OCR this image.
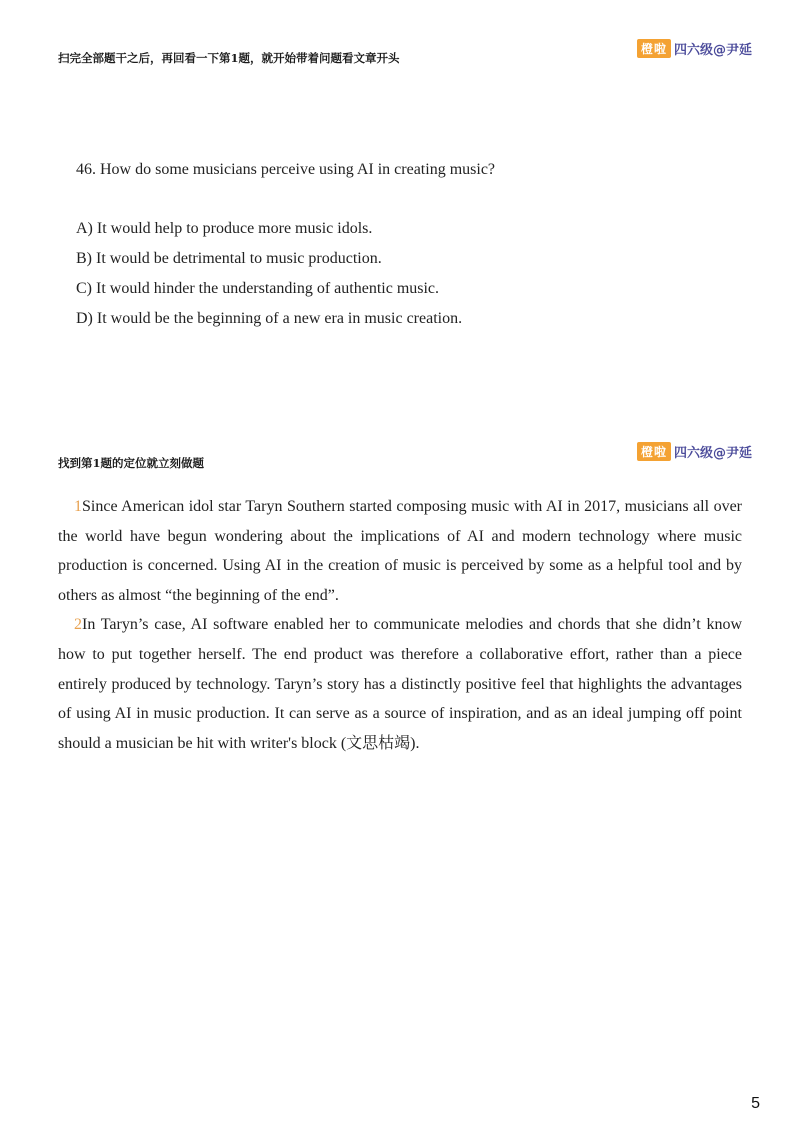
扫完全部题干之后，再回看一下第1题，就开始带着问题看文章开头
橙啦 四六级@尹延
46. How do some musicians perceive using AI in creating music?
A) It would help to produce more music idols.
B) It would be detrimental to music production.
C) It would hinder the understanding of authentic music.
D) It would be the beginning of a new era in music creation.
找到第1题的定位就立刻做题
橙啦 四六级@尹延

1Since American idol star Taryn Southern started composing music with AI in 2017, musicians all over the world have begun wondering about the implications of AI and modern technology where music production is concerned. Using AI in the creation of music is perceived by some as a helpful tool and by others as almost “the beginning of the end”.

2In Taryn’s case, AI software enabled her to communicate melodies and chords that she didn’t know how to put together herself. The end product was therefore a collaborative effort, rather than a piece entirely produced by technology. Taryn’s story has a distinctly positive feel that highlights the advantages of using AI in music production. It can serve as a source of inspiration, and as an ideal jumping off point should a musician be hit with writer's block (文思枯竭).

5
